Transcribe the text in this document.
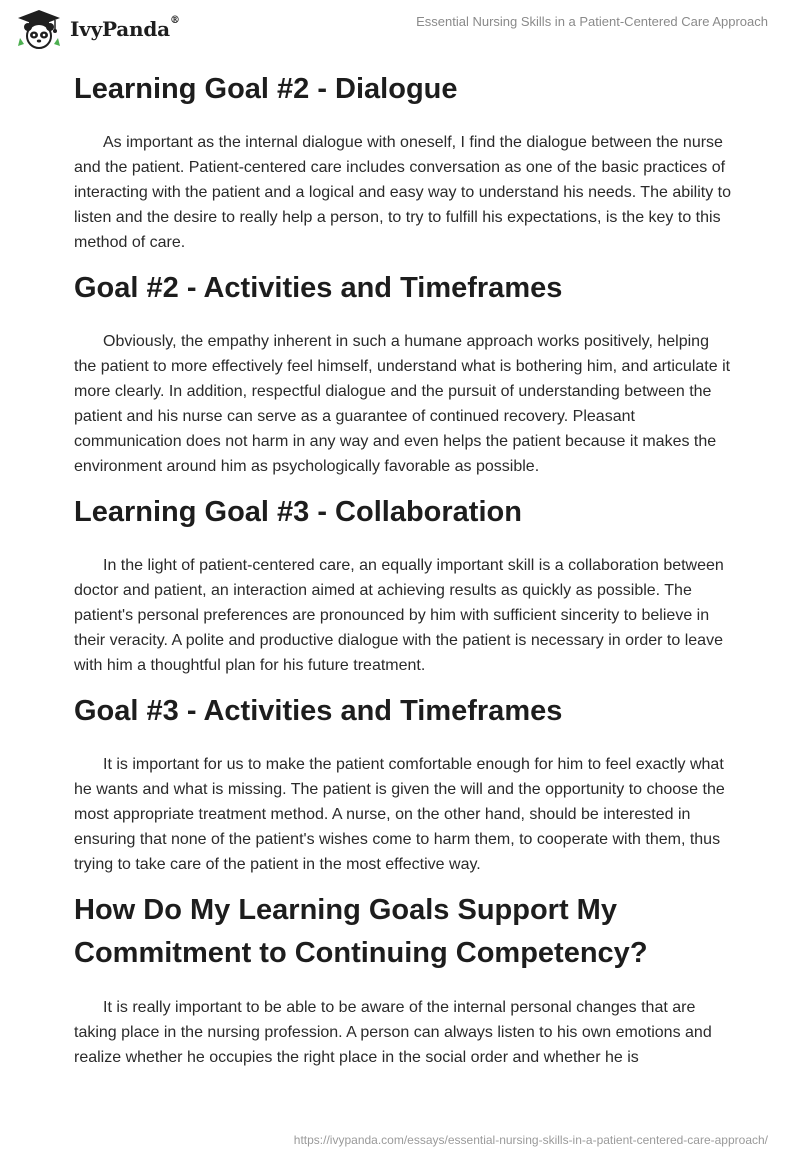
IvyPanda®	Essential Nursing Skills in a Patient-Centered Care Approach
Learning Goal #2 - Dialogue

As important as the internal dialogue with oneself, I find the dialogue between the nurse and the patient. Patient-centered care includes conversation as one of the basic practices of interacting with the patient and a logical and easy way to understand his needs. The ability to listen and the desire to really help a person, to try to fulfill his expectations, is the key to this method of care.

Goal #2 - Activities and Timeframes

Obviously, the empathy inherent in such a humane approach works positively, helping the patient to more effectively feel himself, understand what is bothering him, and articulate it more clearly. In addition, respectful dialogue and the pursuit of understanding between the patient and his nurse can serve as a guarantee of continued recovery. Pleasant communication does not harm in any way and even helps the patient because it makes the environment around him as psychologically favorable as possible.

Learning Goal #3 - Collaboration

In the light of patient-centered care, an equally important skill is a collaboration between doctor and patient, an interaction aimed at achieving results as quickly as possible. The patient's personal preferences are pronounced by him with sufficient sincerity to believe in their veracity. A polite and productive dialogue with the patient is necessary in order to leave with him a thoughtful plan for his future treatment.

Goal #3 - Activities and Timeframes

It is important for us to make the patient comfortable enough for him to feel exactly what he wants and what is missing. The patient is given the will and the opportunity to choose the most appropriate treatment method. A nurse, on the other hand, should be interested in ensuring that none of the patient's wishes come to harm them, to cooperate with them, thus trying to take care of the patient in the most effective way.

How Do My Learning Goals Support My Commitment to Continuing Competency?

It is really important to be able to be aware of the internal personal changes that are taking place in the nursing profession. A person can always listen to his own emotions and realize whether he occupies the right place in the social order and whether he is

https://ivypanda.com/essays/essential-nursing-skills-in-a-patient-centered-care-approach/
